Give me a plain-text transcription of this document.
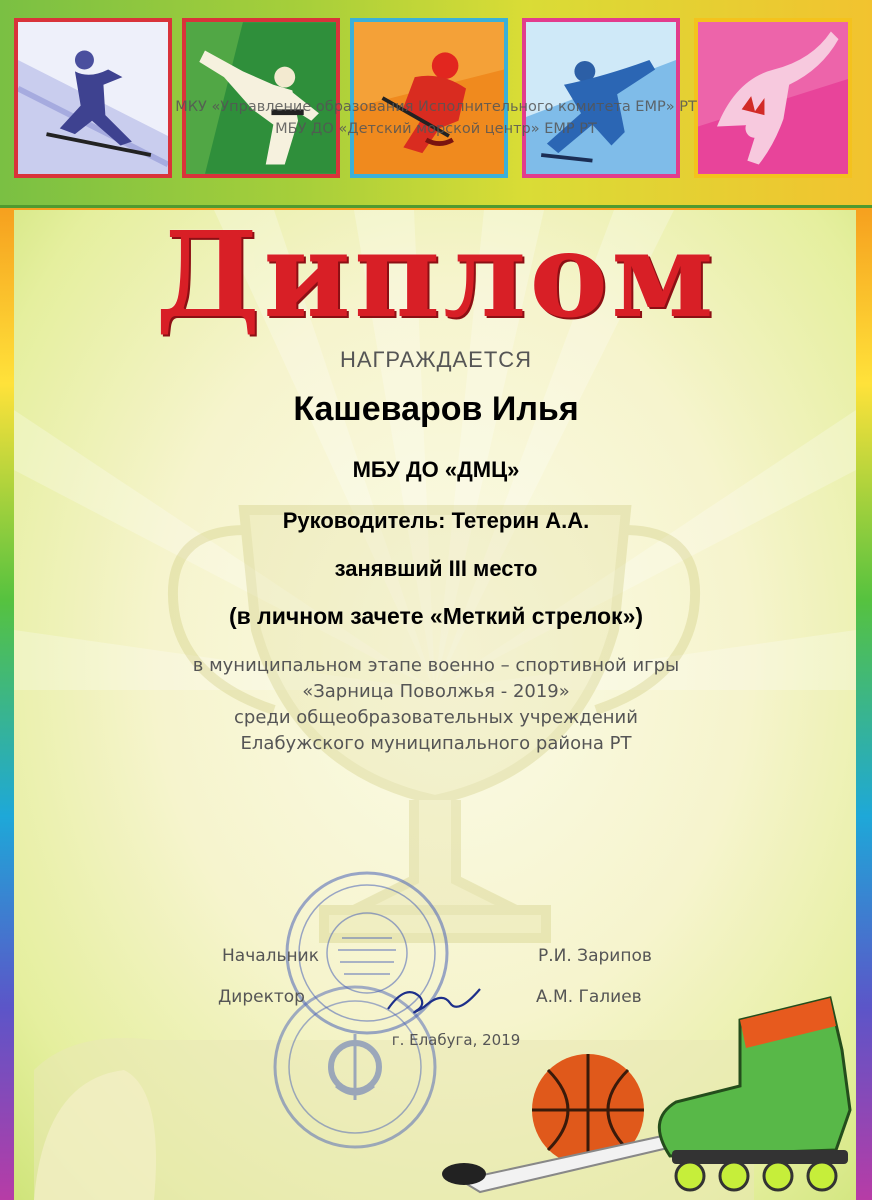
МКУ «Управление образования Исполнительного комитета ЕМР» РТ
МБУ ДО «Детский морской центр» ЕМР РТ
Диплом
НАГРАЖДАЕТСЯ
Кашеваров Илья
МБУ ДО «ДМЦ»
Руководитель: Тетерин А.А.
занявший III место
(в личном зачете «Меткий стрелок»)
в муниципальном этапе военно – спортивной игры
«Зарница Поволжья - 2019»
среди общеобразовательных учреждений
Елабужского муниципального района РТ
Начальник	Р.И. Зарипов
Директор	А.М. Галиев
г. Елабуга, 2019
